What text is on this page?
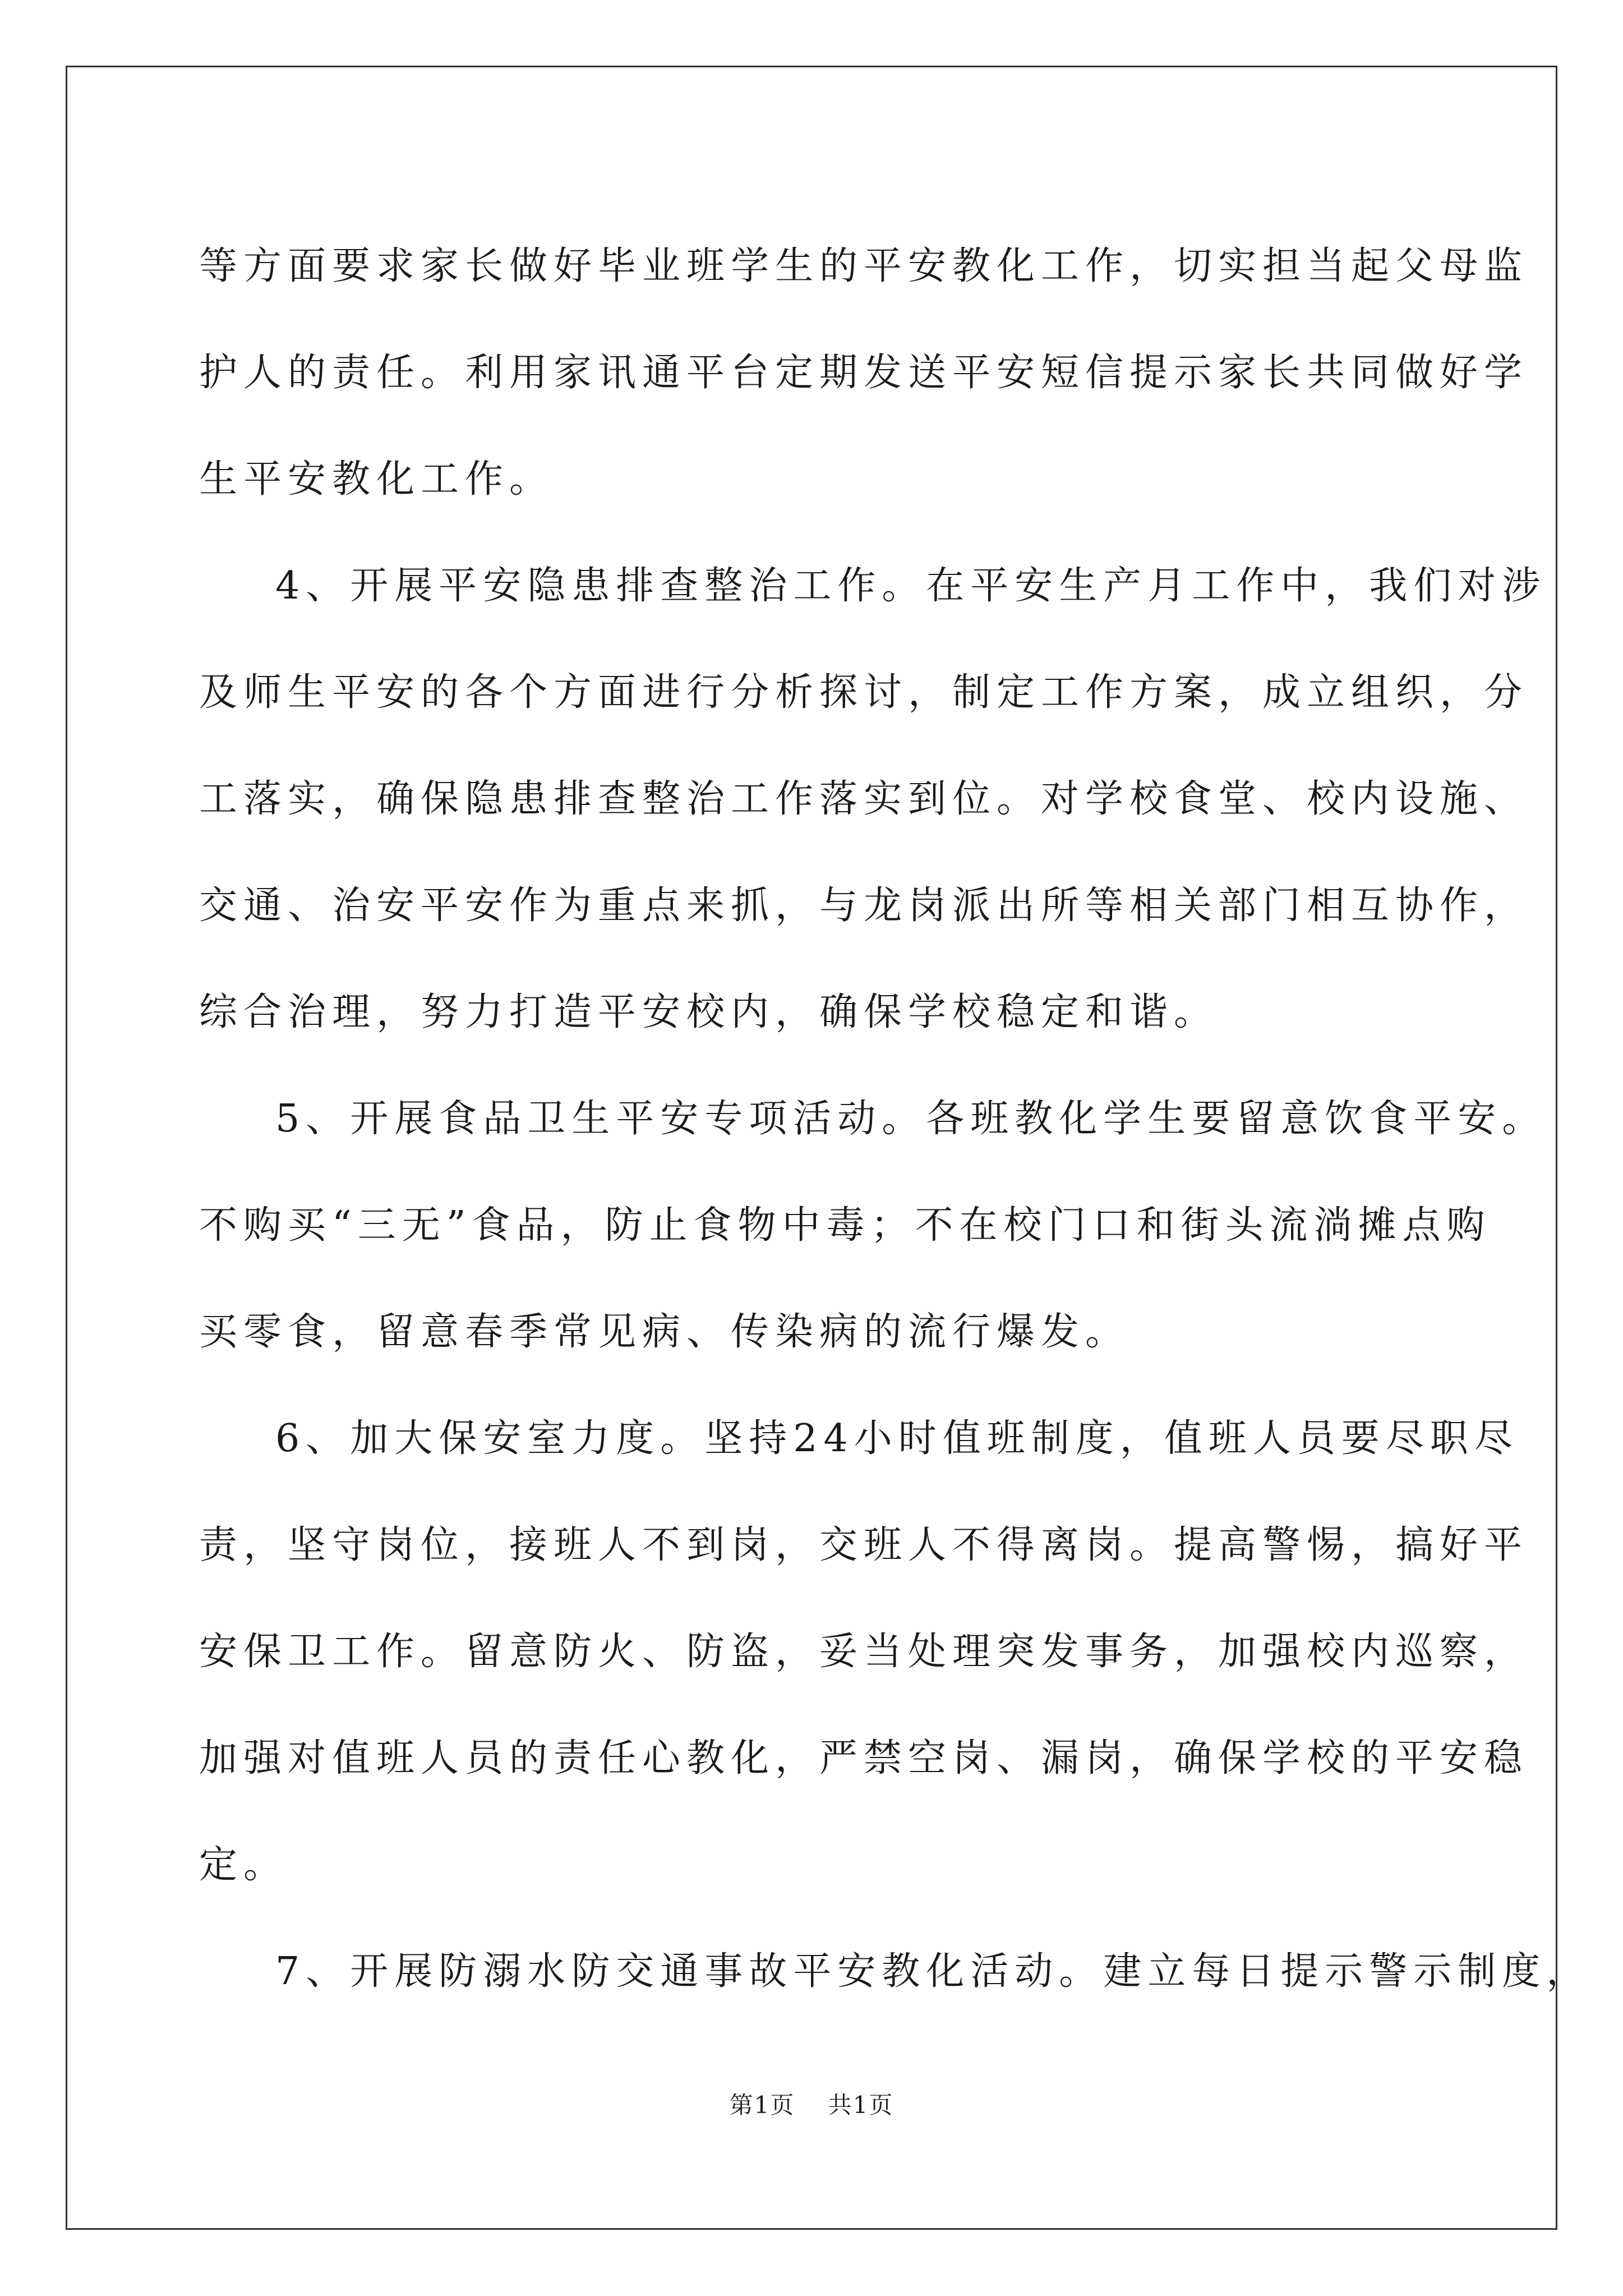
等方面要求家长做好毕业班学生的平安教化工作，切实担当起父母监
护人的责任。利用家讯通平台定期发送平安短信提示家长共同做好学
生平安教化工作。
4、开展平安隐患排查整治工作。在平安生产月工作中，我们对涉
及师生平安的各个方面进行分析探讨，制定工作方案，成立组织，分
工落实，确保隐患排查整治工作落实到位。对学校食堂、校内设施、
交通、治安平安作为重点来抓，与龙岗派出所等相关部门相互协作，
综合治理，努力打造平安校内，确保学校稳定和谐。
5、开展食品卫生平安专项活动。各班教化学生要留意饮食平安。
不购买“三无”食品，防止食物中毒；不在校门口和街头流淌摊点购
买零食，留意春季常见病、传染病的流行爆发。
6、加大保安室力度。坚持24小时值班制度，值班人员要尽职尽
责，坚守岗位，接班人不到岗，交班人不得离岗。提高警惕，搞好平
安保卫工作。留意防火、防盗，妥当处理突发事务，加强校内巡察，
加强对值班人员的责任心教化，严禁空岗、漏岗，确保学校的平安稳
定。
7、开展防溺水防交通事故平安教化活动。建立每日提示警示制度，
第1页 共1页
